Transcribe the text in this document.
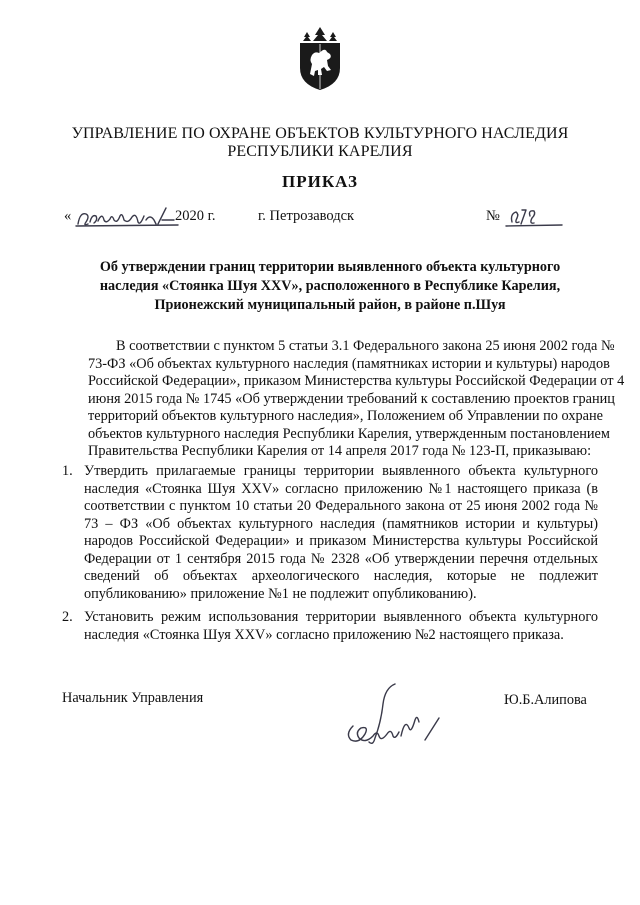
УПРАВЛЕНИЕ ПО ОХРАНЕ ОБЪЕКТОВ КУЛЬТУРНОГО НАСЛЕДИЯ
РЕСПУБЛИКИ КАРЕЛИЯ
ПРИКАЗ
«	2020 г.	г. Петрозаводск	№
Об утверждении границ территории выявленного объекта культурного
наследия «Стоянка Шуя XXV», расположенного в Республике Карелия,
Прионежский муниципальный район, в районе п.Шуя
В соответствии с пунктом 5 статьи 3.1 Федерального закона 25 июня 2002 года №
73-ФЗ «Об объектах культурного наследия (памятниках истории и культуры) народов
Российской Федерации», приказом Министерства культуры Российской Федерации от 4
июня 2015 года № 1745 «Об утверждении требований к составлению проектов границ
территорий объектов культурного наследия», Положением об Управлении по охране
объектов культурного наследия Республики Карелия, утвержденным постановлением
Правительства Республики Карелия от 14 апреля 2017 года № 123-П, приказываю:
1. Утвердить прилагаемые границы территории выявленного объекта культурного
наследия «Стоянка Шуя XXV» согласно приложению №1 настоящего приказа (в
соответствии с пунктом 10 статьи 20 Федерального закона от 25 июня 2002 года №
73 – ФЗ «Об объектах культурного наследия (памятников истории и культуры)
народов Российской Федерации» и приказом Министерства культуры Российской
Федерации от 1 сентября 2015 года № 2328 «Об утверждении перечня отдельных
сведений об объектах археологического наследия, которые не подлежит
опубликованию» приложение №1 не подлежит опубликованию).
2. Установить режим использования территории выявленного объекта культурного
наследия «Стоянка Шуя XXV» согласно приложению №2 настоящего приказа.
Начальник Управления	Ю.Б.Алипова
